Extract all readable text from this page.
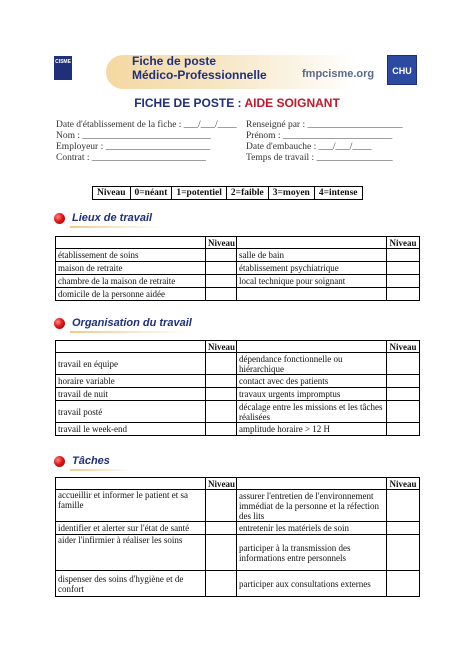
CISME	Fiche de poste
Médico-Professionnelle	fmpcisme.org	CHU
FICHE DE POSTE : AIDE SOIGNANT
Date d'établissement de la fiche : ___/___/____ Renseigné par : ____________________
Nom : ___________________________	Prénom : _______________________
Employeur : ______________________	Date d'embauche : ___/___/____
Contrat : ________________________	Temps de travail : ________________
Niveau	0=néant	1=potentiel	2=faible	3=moyen	4=intense
Lieux de travail
	Niveau		Niveau
établissement de soins		salle de bain	
maison de retraite		établissement psychiatrique	
chambre de la maison de retraite		local technique pour soignant	
domicile de la personne aidée			
Organisation du travail
	Niveau		Niveau
travail en équipe		dépendance fonctionnelle ou hiérarchique	
horaire variable		contact avec des patients	
travail de nuit		travaux urgents impromptus	
travail posté		décalage entre les missions et les tâches réalisées	
travail le week-end		amplitude horaire > 12 H	
Tâches
	Niveau		Niveau
accueillir et informer le patient et sa famille		assurer l'entretien de l'environnement immédiat de la personne et la réfection des lits	
identifier et alerter sur l'état de santé		entretenir les matériels de soin	
aider l'infirmier à réaliser les soins		participer à la transmission des informations entre personnels	
dispenser des soins d'hygiène et de confort		participer aux consultations externes	
